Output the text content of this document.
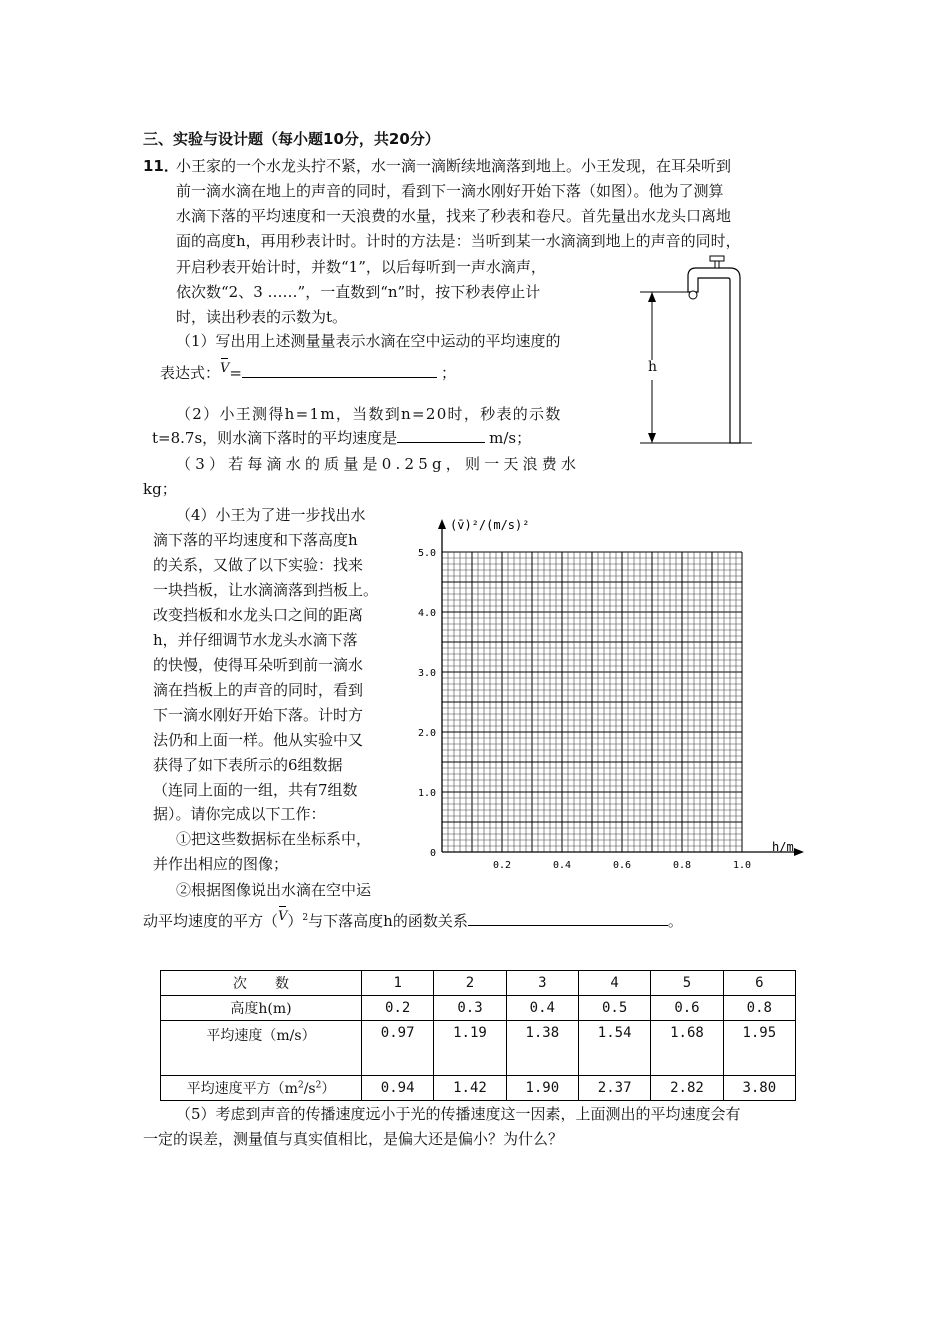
三、实验与设计题（每小题10分，共20分）
11．
小王家的一个水龙头拧不紧，水一滴一滴断续地滴落到地上。小王发现，在耳朵听到
前一滴水滴在地上的声音的同时，看到下一滴水刚好开始下落（如图）。他为了测算
水滴下落的平均速度和一天浪费的水量，找来了秒表和卷尺。首先量出水龙头口离地
面的高度h，再用秒表计时。计时的方法是：当听到某一水滴滴到地上的声音的同时，
开启秒表开始计时，并数“1”，以后每听到一声水滴声，
依次数“2、3 ……”，一直数到“n”时，按下秒表停止计
时，读出秒表的示数为t。
（1）写出用上述测量量表示水滴在空中运动的平均速度的
表达式：V=	；
（2）小王测得h=1m，当数到n=20时，秒表的示数
t=8.7s，则水滴下落时的平均速度是	m/s；
（3）若每滴水的质量是0.25g，则一天浪费水
kg；
h
（4）小王为了进一步找出水
滴下落的平均速度和下落高度h
的关系，又做了以下实验：找来
一块挡板，让水滴滴落到挡板上。
改变挡板和水龙头口之间的距离
h，并仔细调节水龙头水滴下落
的快慢，使得耳朵听到前一滴水
滴在挡板上的声音的同时，看到
下一滴水刚好开始下落。计时方
法仍和上面一样。他从实验中又
获得了如下表所示的6组数据
（连同上面的一组，共有7组数
据）。请你完成以下工作：
①把这些数据标在坐标系中，
并作出相应的图像；
②根据图像说出水滴在空中运
动平均速度的平方$(V)^2$与下落高度h的函数关系	。
5.0
4.0
3.0
2.0
1.0
0
0.2	0.4	0.6	0.8	1.0
(v̄)²/(m/s)²
h/m
次　　数	1	2	3	4	5	6
高度h(m)	0.2	0.3	0.4	0.5	0.6	0.8
平均速度（m/s）	0.97	1.19	1.38	1.54	1.68	1.95
平均速度平方$(m^2/s^2)$	0.94	1.42	1.90	2.37	2.82	3.80
（5）考虑到声音的传播速度远小于光的传播速度这一因素，上面测出的平均速度会有
一定的误差，测量值与真实值相比，是偏大还是偏小？为什么？
